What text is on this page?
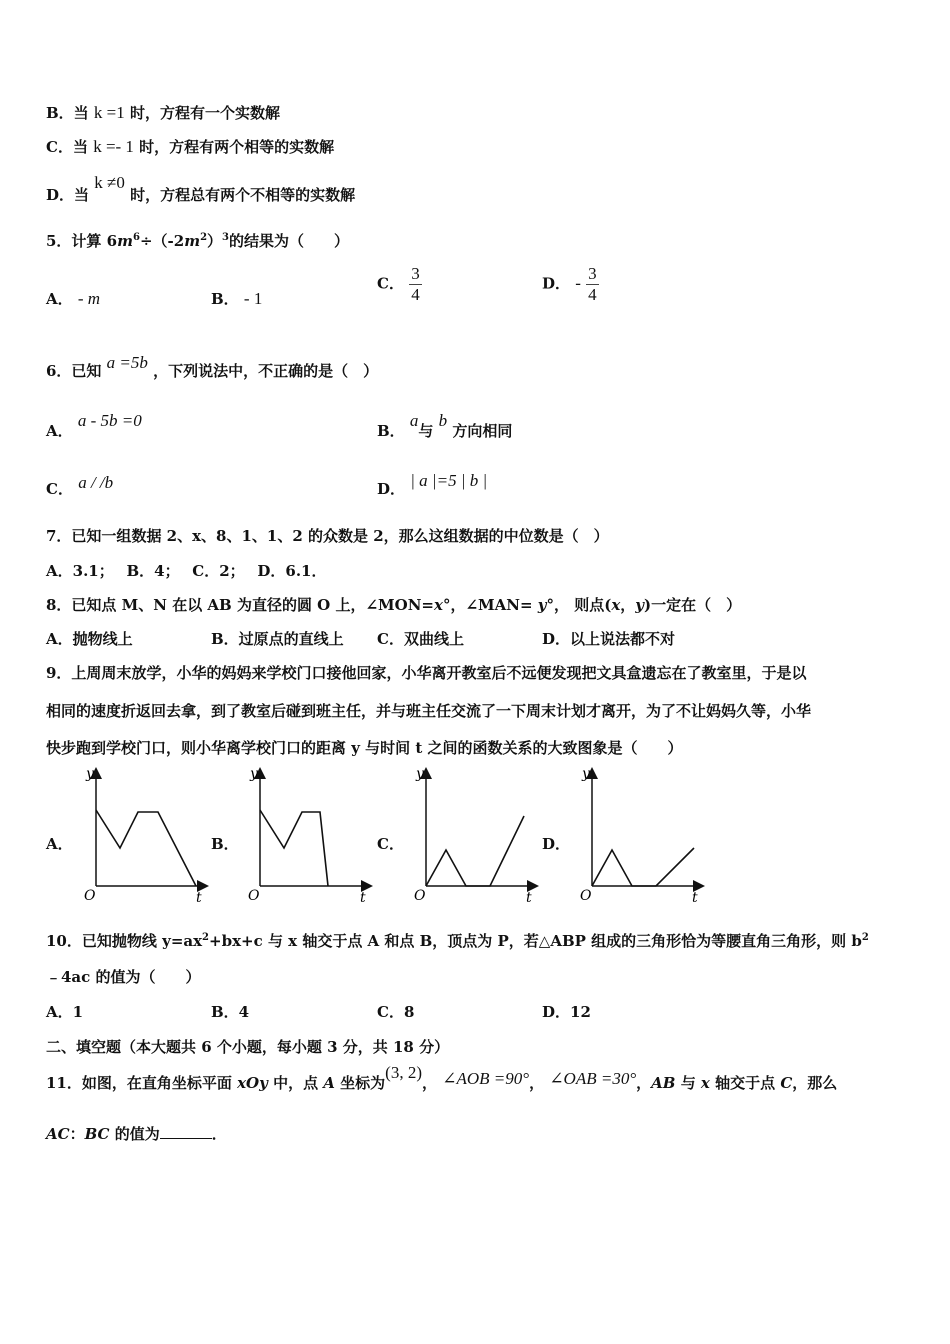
B．当 k =1 时，方程有一个实数解
C．当 k =- 1 时，方程有两个相等的实数解
D．当 k ≠0 时，方程总有两个不相等的实数解
5．计算 $6m^6\div(-2m^2)^3$的结果为（　　）
A． - m	B． - 1
C． $\frac{3}{4}$	D． - $\frac{3}{4}$
6．已知 a =5b ，下列说法中，不正确的是（　）
A． a - 5b =0
B． a与 b 方向相同
C． a / /b	D． | a |=5 | b |
7．已知一组数据 2、x、8、1、1、2 的众数是 2，那么这组数据的中位数是（　）
A．3.1；　 B．4；　 C．2；　 D．6.1．
8．已知点 M、N 在以 AB 为直径的圆 O 上，∠MON=x°，∠MAN= y°， 则点(x，y)一定在（　）
A．抛物线上	B．过原点的直线上 C．双曲线上	D．以上说法都不对
9．上周周末放学，小华的妈妈来学校门口接他回家，小华离开教室后不远便发现把文具盒遗忘在了教室里，于是以
相同的速度折返回去拿，到了教室后碰到班主任，并与班主任交流了一下周末计划才离开，为了不让妈妈久等，小华
快步跑到学校门口，则小华离学校门口的距离 y 与时间 t 之间的函数关系的大致图象是（　　）
A．	B．	C．	D．
y
O	t
y
O	t
y
O	t
y
O	t
10．已知抛物线 $y=ax^2+bx+c$ 与 x 轴交于点 A 和点 B，顶点为 P，若△ABP 组成的三角形恰为等腰直角三角形，则 $b^2$
﹣4ac 的值为（　　）
A．1	B．4	C．8	D．12
二、填空题（本大题共 6 个小题，每小题 3 分，共 18 分）
11．如图，在直角坐标平面 xOy 中，点 A 坐标为(3, 2)， ∠AOB =90°， ∠OAB =30°，AB 与 x 轴交于点 C，那么
AC：BC 的值为	．
